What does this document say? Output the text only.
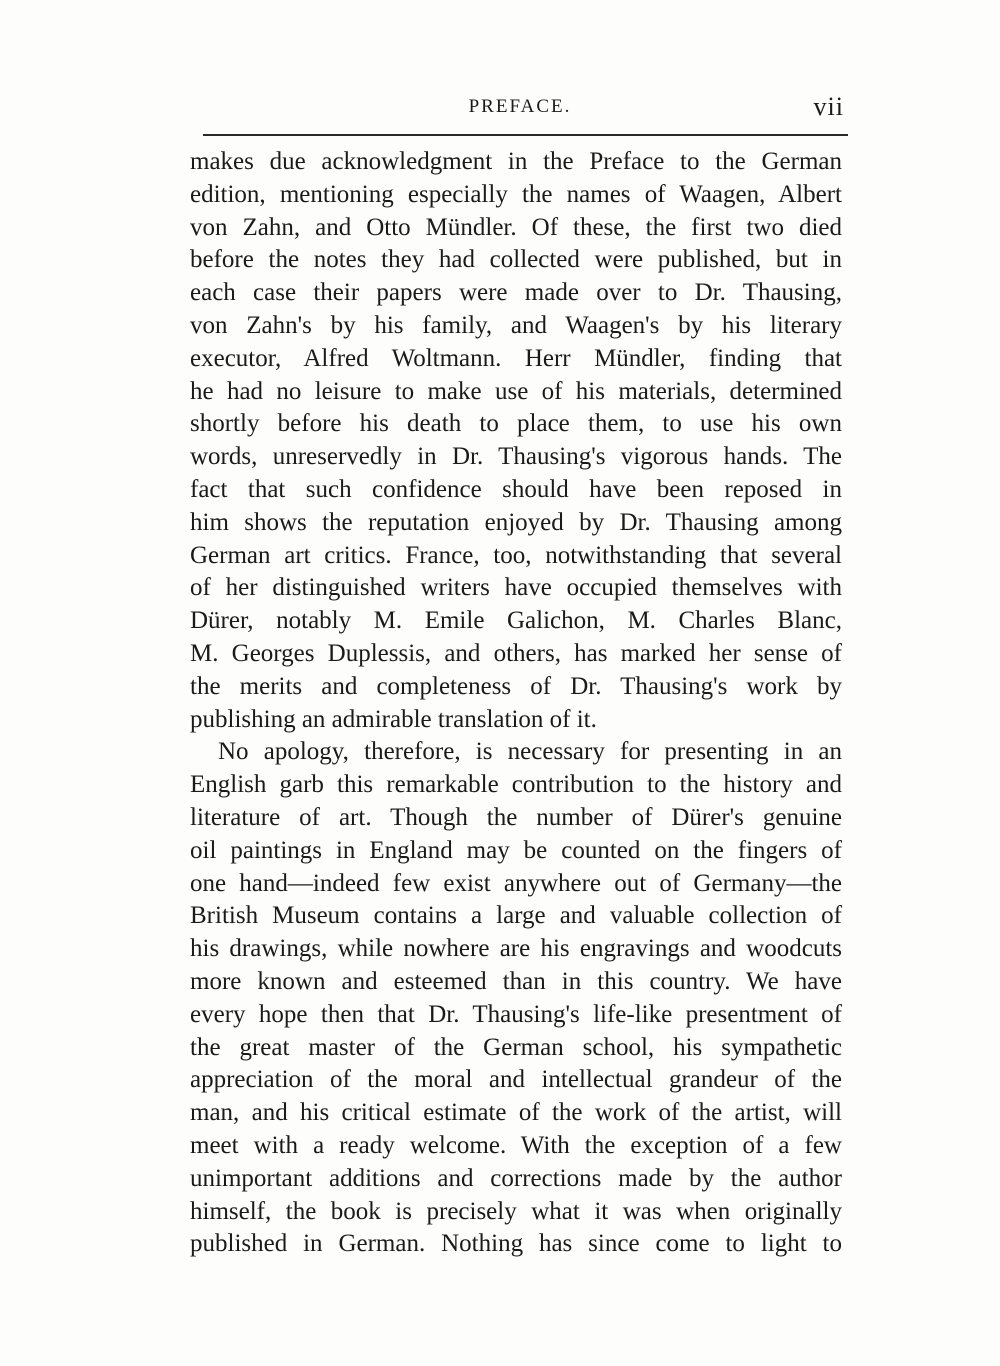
PREFACE.	vii
makes due acknowledgment in the Preface to the German
edition, mentioning especially the names of Waagen, Albert
von Zahn, and Otto Mündler. Of these, the first two died
before the notes they had collected were published, but in
each case their papers were made over to Dr. Thausing,
von Zahn's by his family, and Waagen's by his literary
executor, Alfred Woltmann. Herr Mündler, finding that
he had no leisure to make use of his materials, determined
shortly before his death to place them, to use his own
words, unreservedly in Dr. Thausing's vigorous hands. The
fact that such confidence should have been reposed in
him shows the reputation enjoyed by Dr. Thausing among
German art critics. France, too, notwithstanding that several
of her distinguished writers have occupied themselves with
Dürer, notably M. Emile Galichon, M. Charles Blanc,
M. Georges Duplessis, and others, has marked her sense of
the merits and completeness of Dr. Thausing's work by
publishing an admirable translation of it.
No apology, therefore, is necessary for presenting in an
English garb this remarkable contribution to the history and
literature of art. Though the number of Dürer's genuine
oil paintings in England may be counted on the fingers of
one hand—indeed few exist anywhere out of Germany—the
British Museum contains a large and valuable collection of
his drawings, while nowhere are his engravings and woodcuts
more known and esteemed than in this country. We have
every hope then that Dr. Thausing's life-like presentment of
the great master of the German school, his sympathetic
appreciation of the moral and intellectual grandeur of the
man, and his critical estimate of the work of the artist, will
meet with a ready welcome. With the exception of a few
unimportant additions and corrections made by the author
himself, the book is precisely what it was when originally
published in German. Nothing has since come to light to
